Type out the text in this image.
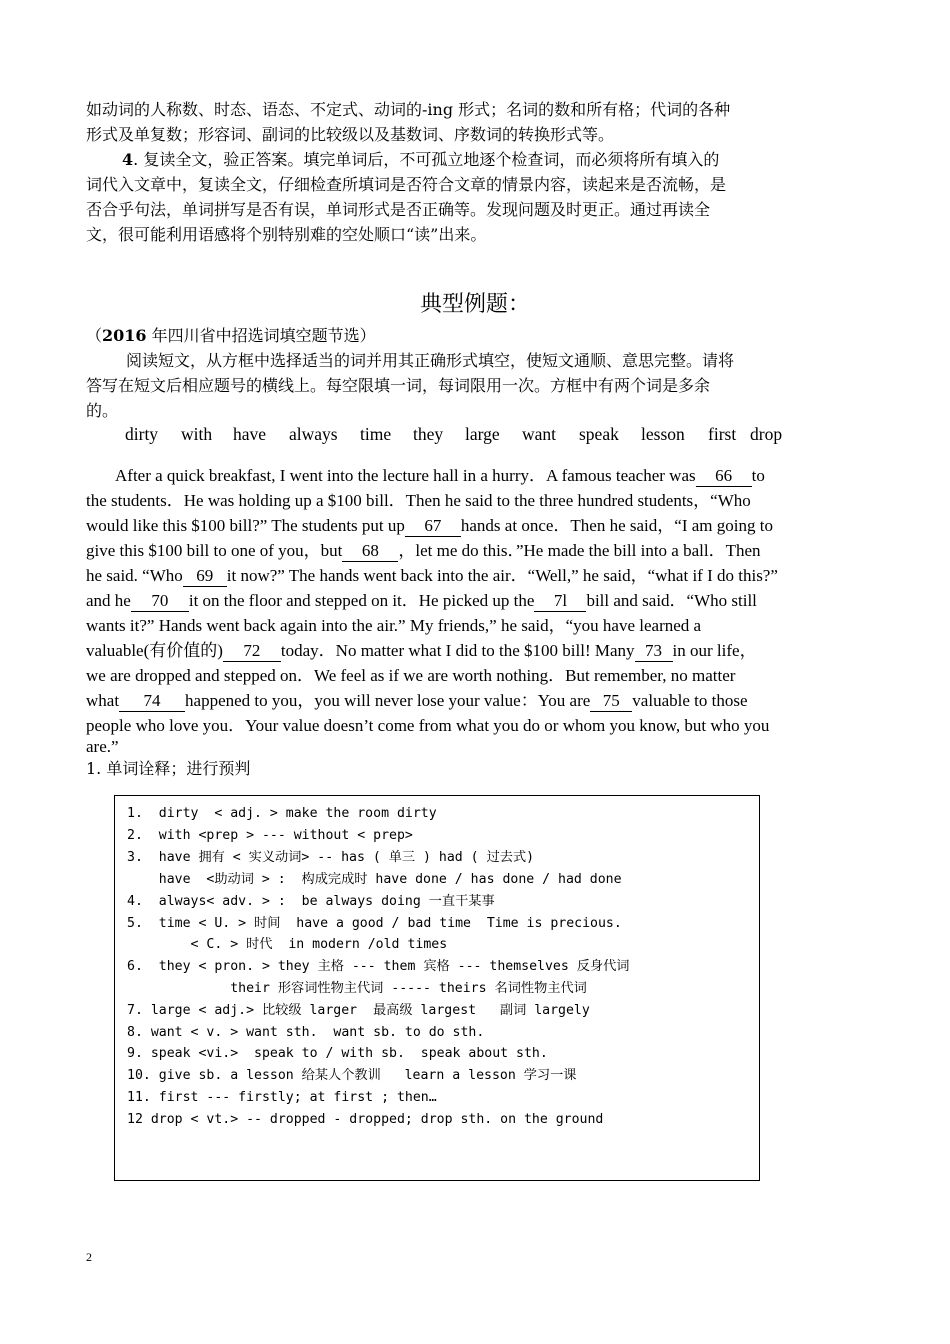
如动词的人称数、时态、语态、不定式、动词的-ing 形式；名词的数和所有格；代词的各种
形式及单复数；形容词、副词的比较级以及基数词、序数词的转换形式等。
4. 复读全文，验正答案。填完单词后，不可孤立地逐个检查词，而必须将所有填入的
词代入文章中，复读全文，仔细检查所填词是否符合文章的情景内容，读起来是否流畅，是
否合乎句法，单词拼写是否有误，单词形式是否正确等。发现问题及时更正。通过再读全
文，很可能利用语感将个别特别难的空处顺口“读”出来。
典型例题：
（2016 年四川省中招选词填空题节选）
阅读短文，从方框中选择适当的词并用其正确形式填空，使短文通顺、意思完整。请将
答写在短文后相应题号的横线上。每空限填一词，每词限用一次。方框中有两个词是多余
的。
dirty	with	have	always	time	they	large	want	speak	lesson	first drop
After a quick breakfast, I went into the lecture hall in a hurry．A famous teacher was 66 to
the students．He was holding up a $100 bill．Then he said to the three hundred students，“Who
would like this $100 bill?” The students put up 67 hands at once．Then he said，“I am going to
give this $100 bill to one of you，but 68 ，let me do this．”He made the bill into a ball．Then
he said. “Who 69 it now?” The hands went back into the air．“Well,” he said，“what if I do this?”
and he 70 it on the floor and stepped on it．He picked up the 7l bill and said．“Who still
wants it?” Hands went back again into the air.” My friends,” he said，“you have learned a
valuable(有价值的) 72 today．No matter what I did to the $100 bill! Many 73 in our life，
we are dropped and stepped on．We feel as if we are worth nothing．But remember, no matter
what 74 happened to you，you will never lose your value：You are 75 valuable to those
people who love you．Your value doesn’t come from what you do or whom you know, but who you
are.”
1. 单词诠释；进行预判
1.  dirty  < adj. > make the room dirty
2.  with <prep > --- without < prep>
3.  have 拥有 < 实义动词> -- has ( 单三 ) had ( 过去式)
have  <助动词 > :  构成完成时 have done / has done / had done
4.  always< adv. > :  be always doing 一直干某事
5.  time < U. > 时间  have a good / bad time  Time is precious.
< C. > 时代  in modern /old times
6.  they < pron. > they 主格 --- them 宾格 --- themselves 反身代词
their 形容词性物主代词 ----- theirs 名词性物主代词
7. large < adj.> 比较级 larger  最高级 largest   副词 largely
8. want < v. > want sth.  want sb. to do sth.
9. speak <vi.>  speak to / with sb.  speak about sth.
10. give sb. a lesson 给某人个教训   learn a lesson 学习一课
11. first --- firstly; at first ; then…
12 drop < vt.> -- dropped - dropped; drop sth. on the ground
2
